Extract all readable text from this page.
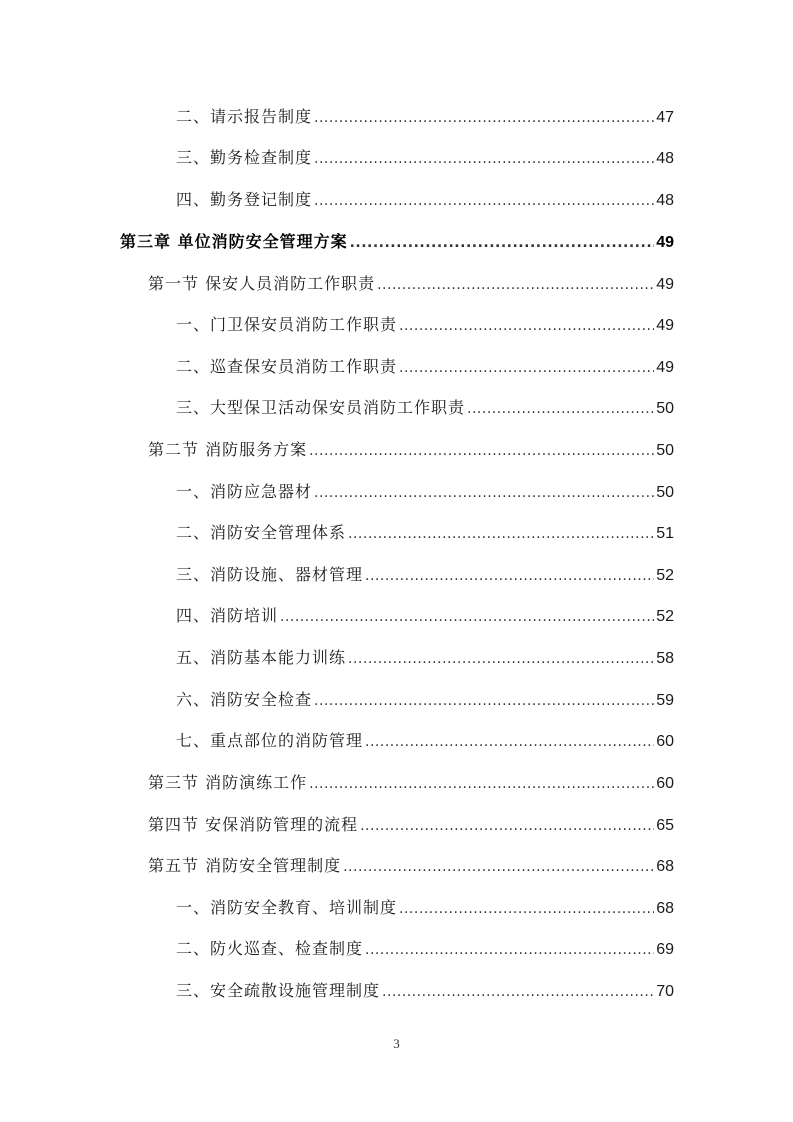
二、请示报告制度 .....	47
三、勤务检查制度 .....	48
四、勤务登记制度 .....	48
第三章 单位消防安全管理方案 .....	49
第一节 保安人员消防工作职责 .....	49
一、门卫保安员消防工作职责 .....	49
二、巡查保安员消防工作职责 .....	49
三、大型保卫活动保安员消防工作职责 .....	50
第二节 消防服务方案 .....	50
一、消防应急器材 .....	50
二、消防安全管理体系 .....	51
三、消防设施、器材管理 .....	52
四、消防培训 .....	52
五、消防基本能力训练 .....	58
六、消防安全检查 .....	59
七、重点部位的消防管理 .....	60
第三节 消防演练工作 .....	60
第四节 安保消防管理的流程 .....	65
第五节 消防安全管理制度 .....	68
一、消防安全教育、培训制度 .....	68
二、防火巡查、检查制度 .....	69
三、安全疏散设施管理制度 .....	70
3
